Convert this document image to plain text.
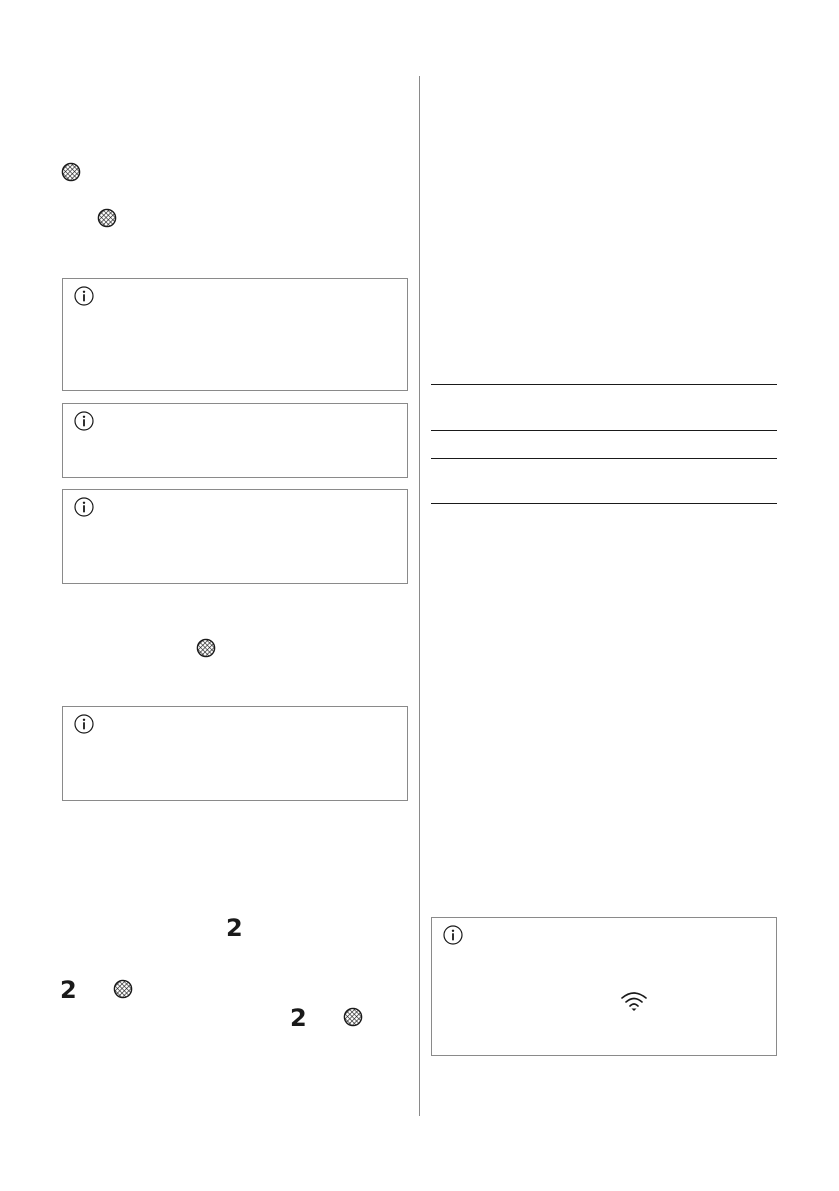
2
2
2
